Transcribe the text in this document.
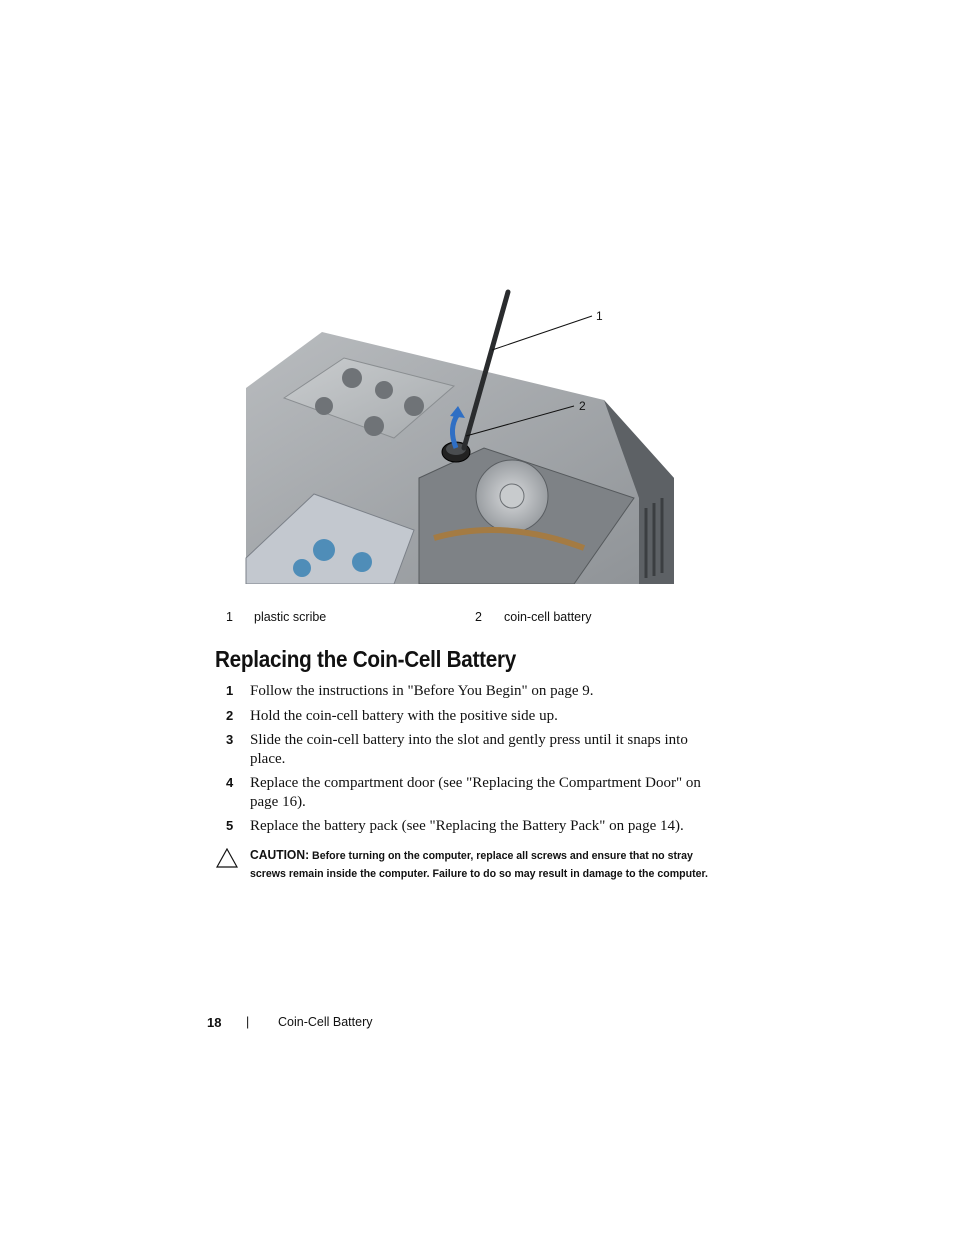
1
2
1 plastic scribe	2 coin-cell battery
Replacing the Coin-Cell Battery
1 Follow the instructions in "Before You Begin" on page 9.
2 Hold the coin-cell battery with the positive side up.
3 Slide the coin-cell battery into the slot and gently press until it snaps into place.
4 Replace the compartment door (see "Replacing the Compartment Door" on page 16).
5 Replace the battery pack (see "Replacing the Battery Pack" on page 14).
CAUTION: Before turning on the computer, replace all screws and ensure that no stray screws remain inside the computer. Failure to do so may result in damage to the computer.
18 | Coin-Cell Battery
